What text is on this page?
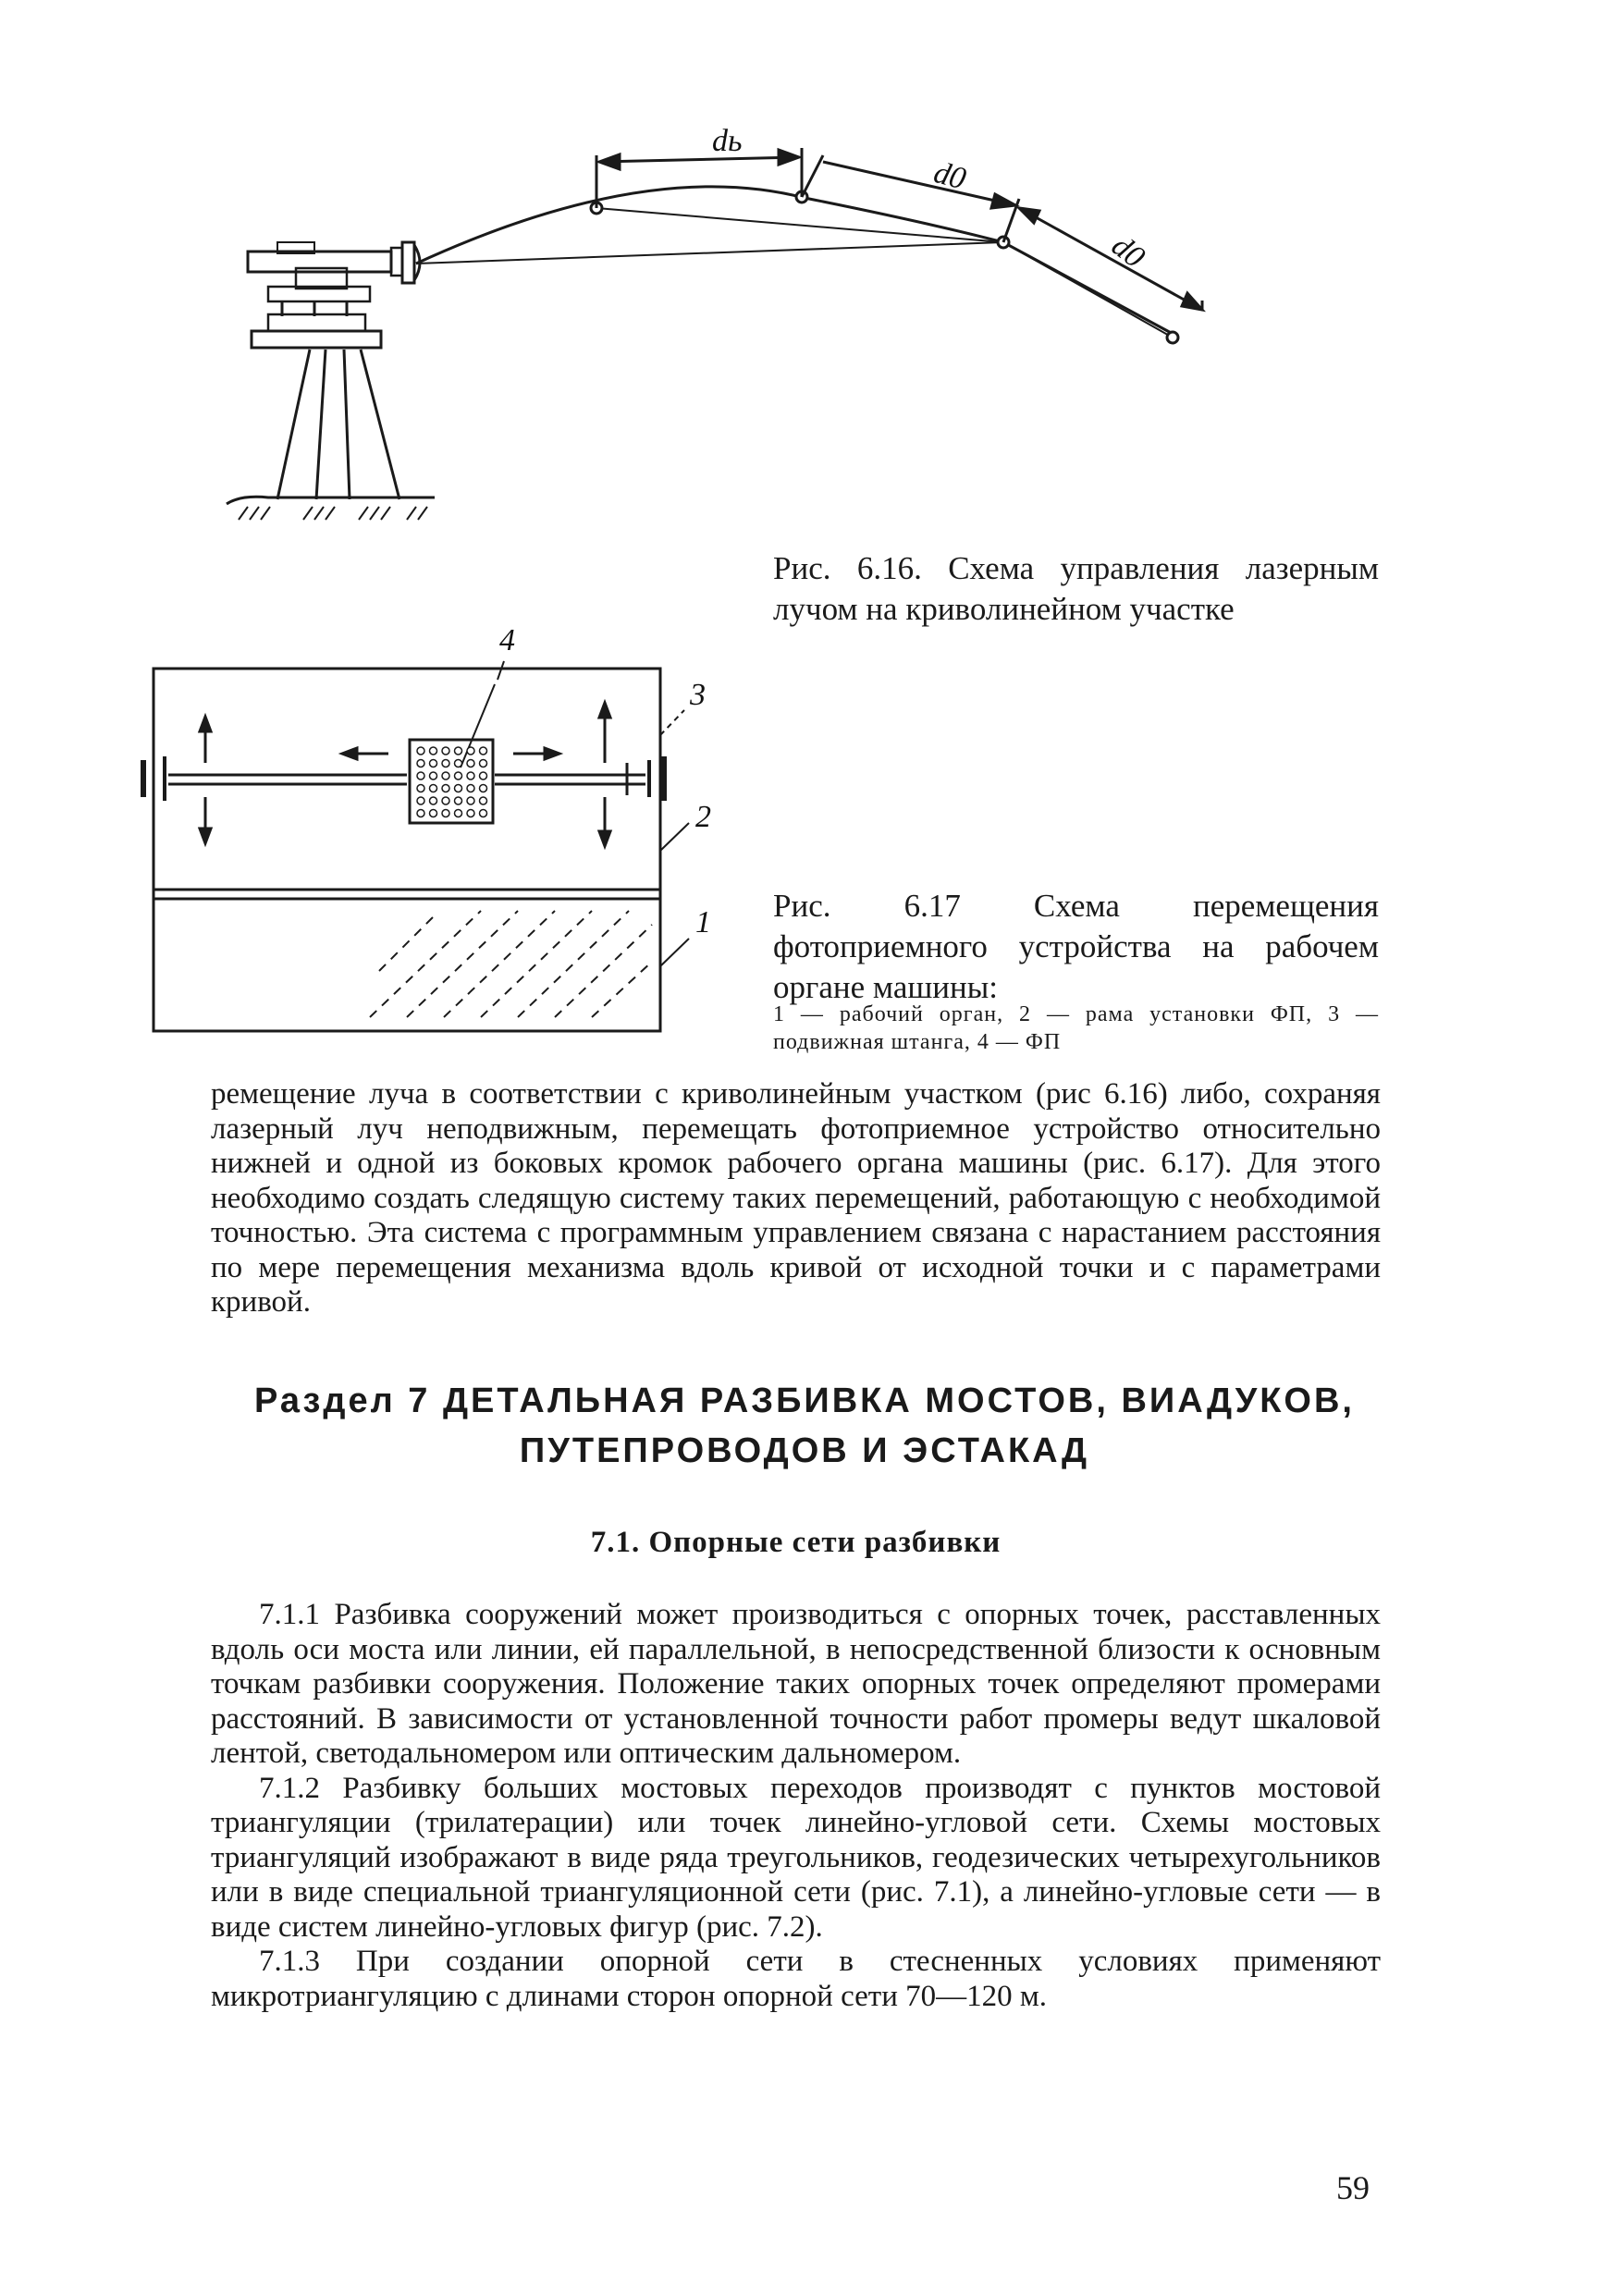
dь
d0
d0
Рис. 6.16. Схема управления лазерным лучом на криволинейном участке
4
3
2
1 Рис. 6.17 Схема перемещения фотоприемного устройства на рабочем органе машины:
1 — рабочий орган, 2 — рама установки ФП, 3 — подвижная штанга, 4 — ФП

ремещение луча в соответствии с криволинейным участком (рис 6.16) либо, сохраняя лазерный луч неподвижным, перемещать фотоприемное устройство относительно нижней и одной из боковых кромок рабочего органа машины (рис. 6.17). Для этого необходимо создать следящую систему таких перемещений, работающую с необходимой точностью. Эта система с программным управлением связана с нарастанием расстояния по мере перемещения механизма вдоль кривой от исходной точки и с параметрами кривой.

Раздел 7 ДЕТАЛЬНАЯ РАЗБИВКА МОСТОВ, ВИАДУКОВ,
ПУТЕПРОВОДОВ И ЭСТАКАД
7.1. Опорные сети разбивки

7.1.1 Разбивка сооружений может производиться с опорных точек, расставленных вдоль оси моста или линии, ей параллельной, в непосредственной близости к основным точкам разбивки сооружения. Положение таких опорных точек определяют промерами расстояний. В зависимости от установленной точности работ промеры ведут шкаловой лентой, светодальномером или оптическим дальномером.

7.1.2 Разбивку больших мостовых переходов производят с пунктов мостовой триангуляции (трилатерации) или точек линейно-угловой сети. Схемы мостовых триангуляций изображают в виде ряда треугольников, геодезических четырехугольников или в виде специальной триангуляционной сети (рис. 7.1), а линейно-угловые сети — в виде систем линейно-угловых фигур (рис. 7.2).

7.1.3 При создании опорной сети в стесненных условиях применяют микротриангуляцию с длинами сторон опорной сети 70—120 м.

59
